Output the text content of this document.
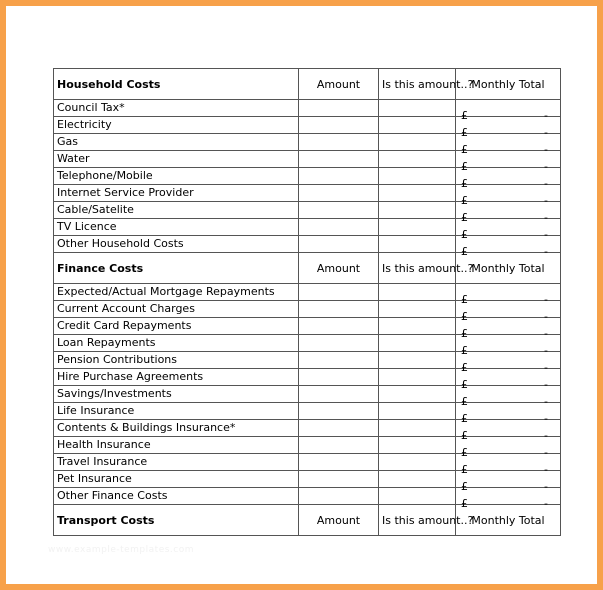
Household Costs	Amount	Is this amount..?	Monthly Total
Council Tax*			£ -

Electricity			£ -

Gas			£ -

Water			£ -

Telephone/Mobile			£ -

Internet Service Provider			£ -

Cable/Satelite			£ -

TV Licence			£ -

Other Household Costs			£ -

Finance Costs	Amount	Is this amount..?	Monthly Total
Expected/Actual Mortgage Repayments			£ -

Current Account Charges			£ -

Credit Card Repayments			£ -

Loan Repayments			£ -

Pension Contributions			£ -

Hire Purchase Agreements			£ -

Savings/Investments			£ -

Life Insurance			£ -

Contents & Buildings Insurance*			£ -

Health Insurance			£ -

Travel Insurance			£ -

Pet Insurance			£ -

Other Finance Costs			£ -

Transport Costs	Amount	Is this amount..?	Monthly Total
www.example-templates.com
